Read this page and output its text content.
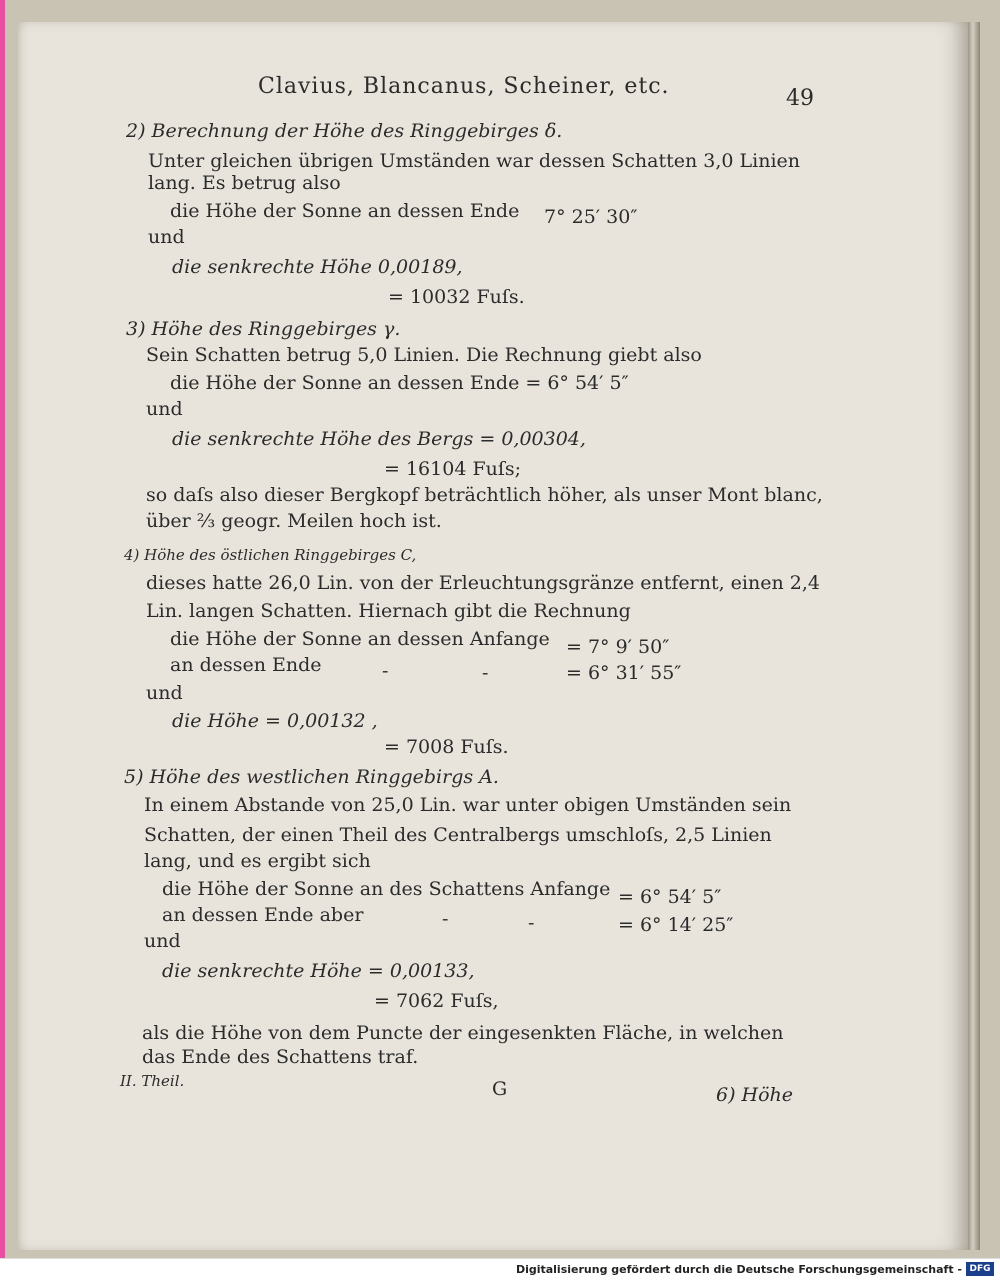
Clavius, Blancanus, Scheiner, etc.	49
2) Berechnung der Höhe des Ringgebirges δ.
Unter gleichen übrigen Umständen war dessen Schatten 3,0 Linien
lang. Es betrug also
die Höhe der Sonne an dessen Ende 7° 25′ 30″
und
die senkrechte Höhe 0,00189,
= 10032 Fuſs.
3) Höhe des Ringgebirges γ.
Sein Schatten betrug 5,0 Linien. Die Rechnung giebt also
die Höhe der Sonne an dessen Ende = 6° 54′ 5″
und
die senkrechte Höhe des Bergs = 0,00304,
= 16104 Fuſs;
so daſs also dieser Bergkopf beträchtlich höher, als unser Mont blanc,
über ⅔ geogr. Meilen hoch ist.
4) Höhe des östlichen Ringgebirges C,
dieses hatte 26,0 Lin. von der Erleuchtungsgränze entfernt, einen 2,4
Lin. langen Schatten. Hiernach gibt die Rechnung
die Höhe der Sonne an dessen Anfange = 7° 9′ 50″
an dessen Ende	-	-	= 6° 31′ 55″
und
die Höhe = 0,00132 ,
= 7008 Fuſs.
5) Höhe des westlichen Ringgebirgs A.
In einem Abstande von 25,0 Lin. war unter obigen Umständen sein
Schatten, der einen Theil des Centralbergs umschloſs, 2,5 Linien
lang, und es ergibt sich
die Höhe der Sonne an des Schattens Anfange = 6° 54′ 5″
an dessen Ende aber	-	-	= 6° 14′ 25″
und
die senkrechte Höhe = 0,00133,
= 7062 Fuſs,
als die Höhe von dem Puncte der eingesenkten Fläche, in welchen
das Ende des Schattens traf.
II. Theil.	G	6) Höhe
Digitalisierung gefördert durch die Deutsche Forschungsgemeinschaft - DFG
